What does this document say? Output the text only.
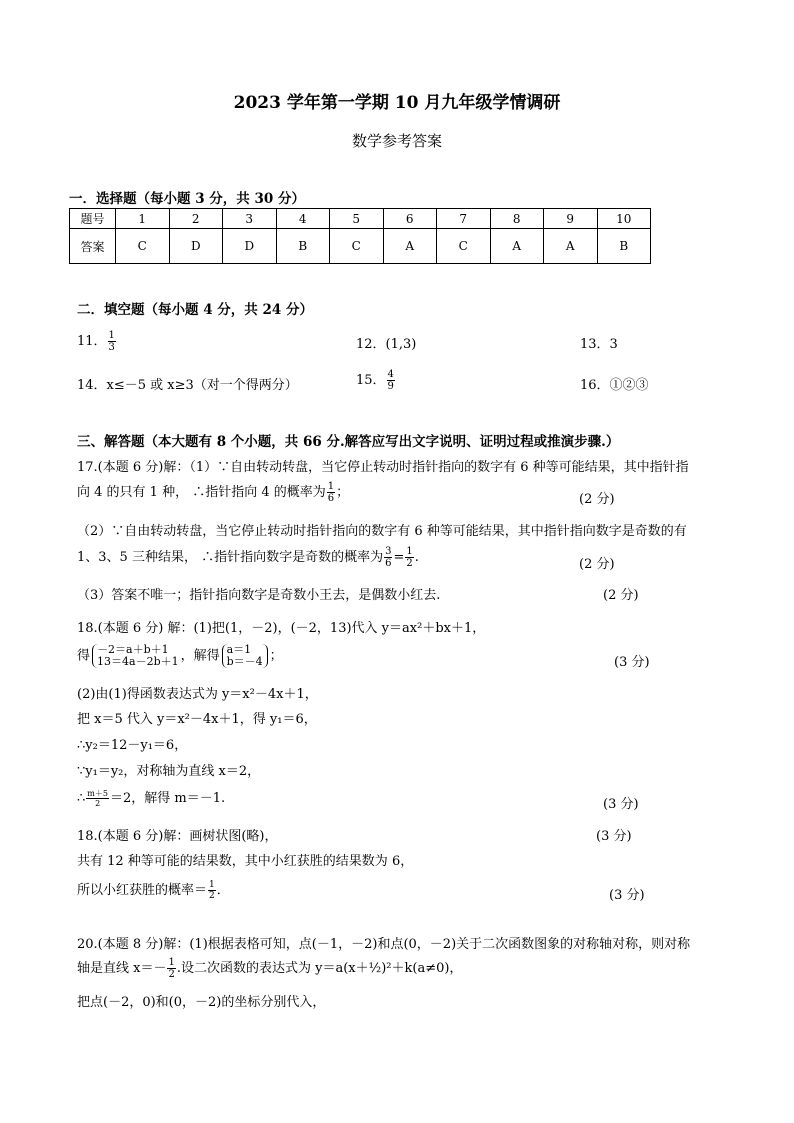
2023 学年第一学期 10 月九年级学情调研
数学参考答案
一．选择题（每小题 3 分，共 30 分）
题号	1	2	3	4	5	6	7	8	9	10
答案	C	D	D	B	C	A	C	A	A	B
二．填空题（每小题 4 分，共 24 分）
11． $\frac{1}{3}$	12．(1,3)	13．3
14．x≤－5 或 x≥3（对一个得两分）	15． $\frac{4}{9}$	16．①②③
三、解答题（本大题有 8 个小题，共 66 分.解答应写出文字说明、证明过程或推演步骤.）
17.(本题 6 分)解：（1）∵自由转动转盘，当它停止转动时指针指向的数字有 6 种等可能结果，其中指针指
向 4 的只有 1 种， ∴指针指向 4 的概率为 $\frac{1}{6}$ ；	(2 分)
（2）∵自由转动转盘，当它停止转动时指针指向的数字有 6 种等可能结果，其中指针指向数字是奇数的有
1、3、5 三种结果， ∴指针指向数字是奇数的概率为 $\frac{3}{6} = \frac{1}{2}$ .	(2 分)
（3）答案不唯一；指针指向数字是奇数小王去，是偶数小红去.	(2 分)
18.(本题 6 分) 解：(1)把(1，－2)，(－2，13)代入 y＝ax²＋bx＋1，
得 －2＝a＋b＋1
13＝4a－2b＋1 ，解得 a＝1
b＝－4 ；	(3 分)
(2)由(1)得函数表达式为 y＝x²－4x＋1，
把 x＝5 代入 y＝x²－4x＋1，得 y₁＝6，
∴y₂＝12－y₁＝6，
∵y₁＝y₂，对称轴为直线 x＝2，
∴ $\frac{m+5}{2} =2$，解得 m＝－1.	(3 分)
18.(本题 6 分)解：画树状图(略)，	(3 分)
共有 12 种等可能的结果数，其中小红获胜的结果数为 6，
所以小红获胜的概率＝ $\frac{1}{2}$ ．	(3 分)
20.(本题 8 分)解：(1)根据表格可知，点(－1，－2)和点(0，－2)关于二次函数图象的对称轴对称，则对称
轴是直线 $x=- \frac{1}{2}$ .设二次函数的表达式为 y＝a(x＋½)²＋k(a≠0)，
把点(－2，0)和(0，－2)的坐标分别代入，
